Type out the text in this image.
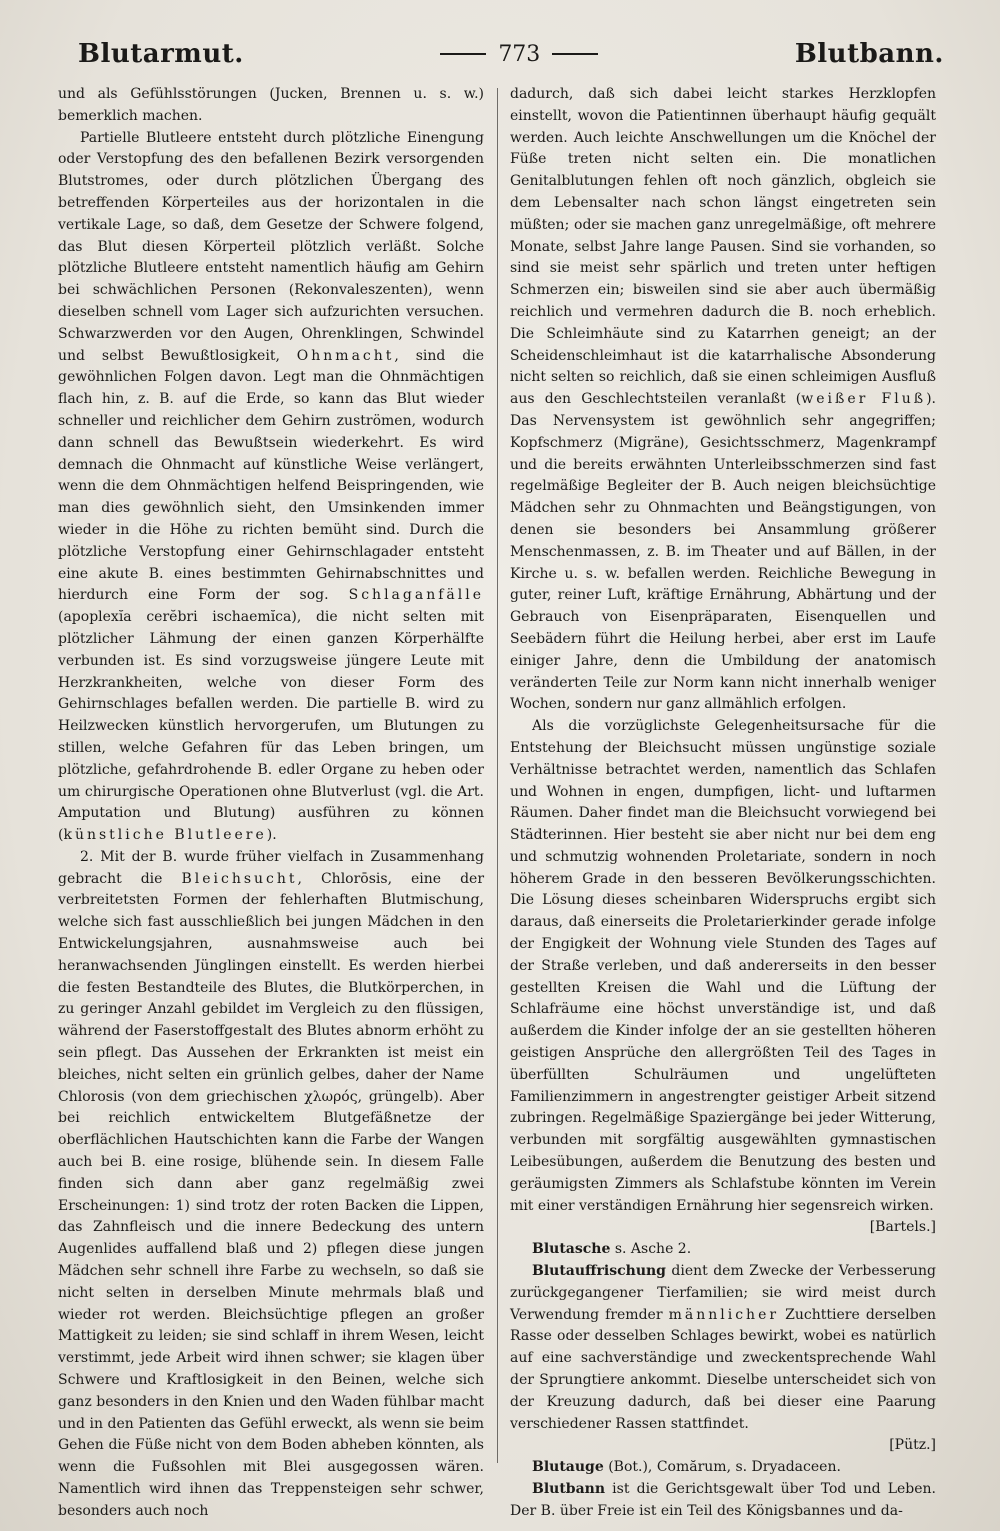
Blutarmut.	773	Blutbann.

und als Gefühlsstörungen (Jucken, Brennen u. s. w.) bemerklich machen.

Partielle Blutleere entsteht durch plötzliche Einengung oder Verstopfung des den befallenen Bezirk versorgenden Blutstromes, oder durch plötzlichen Übergang des betreffenden Körperteiles aus der horizontalen in die vertikale Lage, so daß, dem Gesetze der Schwere folgend, das Blut diesen Körperteil plötzlich verläßt. Solche plötzliche Blutleere entsteht namentlich häufig am Gehirn bei schwächlichen Personen (Rekonvaleszenten), wenn dieselben schnell vom Lager sich aufzurichten versuchen. Schwarzwerden vor den Augen, Ohrenklingen, Schwindel und selbst Bewußtlosigkeit, Ohnmacht, sind die gewöhnlichen Folgen davon. Legt man die Ohnmächtigen flach hin, z. B. auf die Erde, so kann das Blut wieder schneller und reichlicher dem Gehirn zuströmen, wodurch dann schnell das Bewußtsein wiederkehrt. Es wird demnach die Ohnmacht auf künstliche Weise verlängert, wenn die dem Ohnmächtigen helfend Beispringenden, wie man dies gewöhnlich sieht, den Umsinkenden immer wieder in die Höhe zu richten bemüht sind. Durch die plötzliche Verstopfung einer Gehirnschlagader entsteht eine akute B. eines bestimmten Gehirnabschnittes und hierdurch eine Form der sog. Schlaganfälle (apoplexĭa cerĕbri ischaemĭca), die nicht selten mit plötzlicher Lähmung der einen ganzen Körperhälfte verbunden ist. Es sind vorzugsweise jüngere Leute mit Herzkrankheiten, welche von dieser Form des Gehirnschlages befallen werden. Die partielle B. wird zu Heilzwecken künstlich hervorgerufen, um Blutungen zu stillen, welche Gefahren für das Leben bringen, um plötzliche, gefahrdrohende B. edler Organe zu heben oder um chirurgische Operationen ohne Blutverlust (vgl. die Art. Amputation und Blutung) ausführen zu können (künstliche Blutleere).

2. Mit der B. wurde früher vielfach in Zusammenhang gebracht die Bleichsucht, Chlorōsis, eine der verbreitetsten Formen der fehlerhaften Blutmischung, welche sich fast ausschließlich bei jungen Mädchen in den Entwickelungsjahren, ausnahmsweise auch bei heranwachsenden Jünglingen einstellt. Es werden hierbei die festen Bestandteile des Blutes, die Blutkörperchen, in zu geringer Anzahl gebildet im Vergleich zu den flüssigen, während der Faserstoffgestalt des Blutes abnorm erhöht zu sein pflegt. Das Aussehen der Erkrankten ist meist ein bleiches, nicht selten ein grünlich gelbes, daher der Name Chlorosis (von dem griechischen χλωρός, grüngelb). Aber bei reichlich entwickeltem Blutgefäßnetze der oberflächlichen Hautschichten kann die Farbe der Wangen auch bei B. eine rosige, blühende sein. In diesem Falle finden sich dann aber ganz regelmäßig zwei Erscheinungen: 1) sind trotz der roten Backen die Lippen, das Zahnfleisch und die innere Bedeckung des untern Augenlides auffallend blaß und 2) pflegen diese jungen Mädchen sehr schnell ihre Farbe zu wechseln, so daß sie nicht selten in derselben Minute mehrmals blaß und wieder rot werden. Bleichsüchtige pflegen an großer Mattigkeit zu leiden; sie sind schlaff in ihrem Wesen, leicht verstimmt, jede Arbeit wird ihnen schwer; sie klagen über Schwere und Kraftlosigkeit in den Beinen, welche sich ganz besonders in den Knien und den Waden fühlbar macht und in den Patienten das Gefühl erweckt, als wenn sie beim Gehen die Füße nicht von dem Boden abheben könnten, als wenn die Fußsohlen mit Blei ausgegossen wären. Namentlich wird ihnen das Treppensteigen sehr schwer, besonders auch noch

dadurch, daß sich dabei leicht starkes Herzklopfen einstellt, wovon die Patientinnen überhaupt häufig gequält werden. Auch leichte Anschwellungen um die Knöchel der Füße treten nicht selten ein. Die monatlichen Genitalblutungen fehlen oft noch gänzlich, obgleich sie dem Lebensalter nach schon längst eingetreten sein müßten; oder sie machen ganz unregelmäßige, oft mehrere Monate, selbst Jahre lange Pausen. Sind sie vorhanden, so sind sie meist sehr spärlich und treten unter heftigen Schmerzen ein; bisweilen sind sie aber auch übermäßig reichlich und vermehren dadurch die B. noch erheblich. Die Schleimhäute sind zu Katarrhen geneigt; an der Scheidenschleimhaut ist die katarrhalische Absonderung nicht selten so reichlich, daß sie einen schleimigen Ausfluß aus den Geschlechtsteilen veranlaßt (weißer Fluß). Das Nervensystem ist gewöhnlich sehr angegriffen; Kopfschmerz (Migräne), Gesichtsschmerz, Magenkrampf und die bereits erwähnten Unterleibsschmerzen sind fast regelmäßige Begleiter der B. Auch neigen bleichsüchtige Mädchen sehr zu Ohnmachten und Beängstigungen, von denen sie besonders bei Ansammlung größerer Menschenmassen, z. B. im Theater und auf Bällen, in der Kirche u. s. w. befallen werden. Reichliche Bewegung in guter, reiner Luft, kräftige Ernährung, Abhärtung und der Gebrauch von Eisenpräparaten, Eisenquellen und Seebädern führt die Heilung herbei, aber erst im Laufe einiger Jahre, denn die Umbildung der anatomisch veränderten Teile zur Norm kann nicht innerhalb weniger Wochen, sondern nur ganz allmählich erfolgen.

Als die vorzüglichste Gelegenheitsursache für die Entstehung der Bleichsucht müssen ungünstige soziale Verhältnisse betrachtet werden, namentlich das Schlafen und Wohnen in engen, dumpfigen, licht- und luftarmen Räumen. Daher findet man die Bleichsucht vorwiegend bei Städterinnen. Hier besteht sie aber nicht nur bei dem eng und schmutzig wohnenden Proletariate, sondern in noch höherem Grade in den besseren Bevölkerungsschichten. Die Lösung dieses scheinbaren Widerspruchs ergibt sich daraus, daß einerseits die Proletarierkinder gerade infolge der Engigkeit der Wohnung viele Stunden des Tages auf der Straße verleben, und daß andererseits in den besser gestellten Kreisen die Wahl und die Lüftung der Schlafräume eine höchst unverständige ist, und daß außerdem die Kinder infolge der an sie gestellten höheren geistigen Ansprüche den allergrößten Teil des Tages in überfüllten Schulräumen und ungelüfteten Familienzimmern in angestrengter geistiger Arbeit sitzend zubringen. Regelmäßige Spaziergänge bei jeder Witterung, verbunden mit sorgfältig ausgewählten gymnastischen Leibesübungen, außerdem die Benutzung des besten und geräumigsten Zimmers als Schlafstube könnten im Verein mit einer verständigen Ernährung hier segensreich wirken.
[Bartels.]

Blutasche s. Asche 2.

Blutauffrischung dient dem Zwecke der Verbesserung zurückgegangener Tierfamilien; sie wird meist durch Verwendung fremder männlicher Zuchttiere derselben Rasse oder desselben Schlages bewirkt, wobei es natürlich auf eine sachverständige und zweckentsprechende Wahl der Sprungtiere ankommt. Dieselbe unterscheidet sich von der Kreuzung dadurch, daß bei dieser eine Paarung verschiedener Rassen stattfindet.
[Pütz.]

Blutauge (Bot.), Comărum, s. Dryadaceen.

Blutbann ist die Gerichtsgewalt über Tod und Leben. Der B. über Freie ist ein Teil des Königsbannes und da-
